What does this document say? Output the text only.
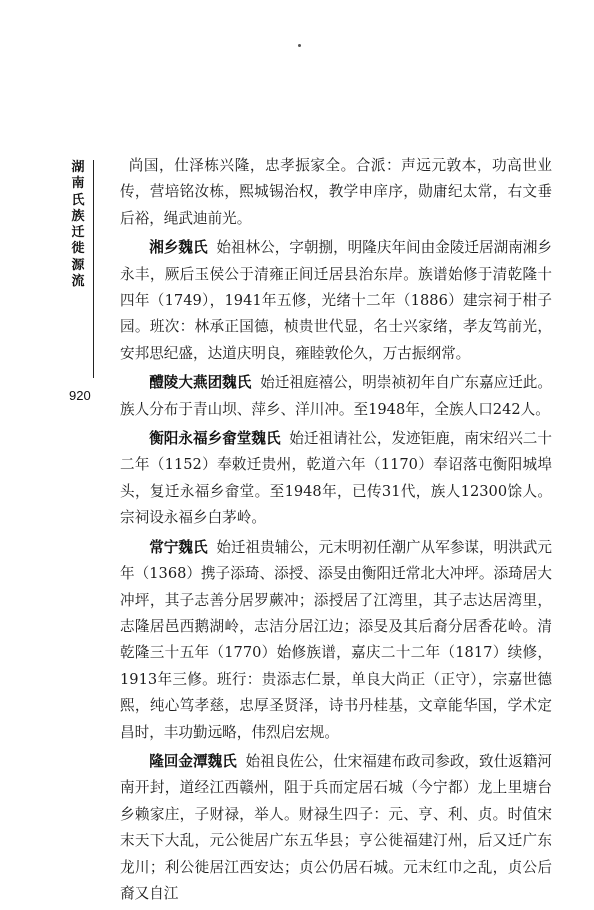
湖南氏族迁徙源流
920

尚国，仕泽栋兴隆，忠孝振家全。合派：声远元敦本，功高世业传，营培铭汝栋，熙城锡治权，教学申庠序，勋庸纪太常，右文垂后裕，绳武迪前光。

湘乡魏氏 始祖林公，字朝捌，明隆庆年间由金陵迁居湖南湘乡永丰，厥后玉侯公于清雍正间迁居县治东岸。族谱始修于清乾隆十四年（1749），1941年五修，光绪十二年（1886）建宗祠于柑子园。班次：林承正国德，桢贵世代显，名士兴家绪，孝友笃前光，安邦思纪盛，达道庆明良，雍睦敦伦久，万古振纲常。

醴陵大燕团魏氏 始迁祖庭禧公，明崇祯初年自广东嘉应迁此。族人分布于青山坝、萍乡、洋川冲。至1948年，全族人口242人。

衡阳永福乡畲堂魏氏 始迁祖请社公，发迹钜鹿，南宋绍兴二十二年（1152）奉敕迁贵州，乾道六年（1170）奉诏落屯衡阳城埠头，复迁永福乡畲堂。至1948年，已传31代，族人12300馀人。宗祠设永福乡白茅岭。

常宁魏氏 始迁祖贵辅公，元末明初任潮广从军参谋，明洪武元年（1368）携子添琦、添授、添旻由衡阳迁常北大冲坪。添琦居大冲坪，其子志善分居罗蕨冲；添授居了江湾里，其子志达居湾里，志隆居邑西鹅湖岭，志洁分居江边；添旻及其后裔分居香花岭。清乾隆三十五年（1770）始修族谱，嘉庆二十二年（1817）续修，1913年三修。班行：贵添志仁景，单良大尚正（正守），宗嘉世德熙，纯心笃孝慈，忠厚圣贤泽，诗书丹桂基，文章能华国，学术定昌时，丰功勤远略，伟烈启宏规。

隆回金潭魏氏 始祖良佐公，仕宋福建布政司参政，致仕返籍河南开封，道经江西赣州，阻于兵而定居石城（今宁都）龙上里塘台乡赖家庄，子财禄，举人。财禄生四子：元、亨、利、贞。时值宋末天下大乱，元公徙居广东五华县；亨公徙福建汀州，后又迁广东龙川；利公徙居江西安达；贞公仍居石城。元末红巾之乱，贞公后裔又自江
